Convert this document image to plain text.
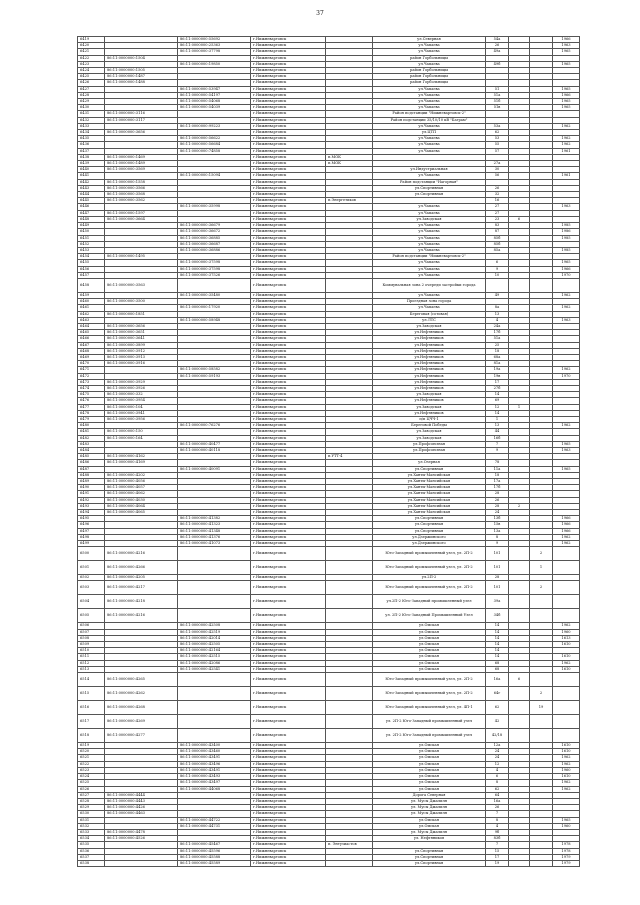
37
6419		86:11:0000000:55692	г.Нижневартовск		ул.Северная	54а			1966
6420		86:11:0000000:25363	г.Нижневартовск		ул.Чапаева	26			1963
6421		86:11:0000000:37798	г.Нижневартовск		ул.Чапаева	49а			1965
6422	86:11:0000000:1504		г.Нижневартовск		район Горбольницы				
6423		86:11:0000000:19850	г.Нижневартовск		ул.Чапаева	49б			1965
6424	86:11:0000000:1505		г.Нижневартовск		район Горбольницы				
6425	86:11:0000000:1487		г.Нижневартовск		район Горбольницы				
6426	86:11:0000000:1488		г.Нижневартовск		район Горбольницы				
6427		86:11:0000000:53947	г.Нижневартовск		ул.Чапаева	51			1965
6428		86:11:0000000:54197	г.Нижневартовск		ул.Чапаева	51а			1966
6429		86:11:0000000:54068	г.Нижневартовск		ул.Чапаева	51б			1965
6430		86:11:0000000:54039	г.Нижневартовск		ул.Чапаева	51в			1965
6431	86:11:0000000:3116		г.Нижневартовск		Район подстанции "Нижневартовск-2"				
6432	86:11:0000000:3117		г.Нижневартовск		Район подстанции 35/10/10 кВ "Баграм"				
6433		86:11:0000000:99223	г.Нижневартовск		ул.Чапаева	53а			1962
6434	86:11:0000000:3656		г.Нижневартовск		ул.ЦТП	62			
6435		86:11:0000000:56622	г.Нижневартовск		ул.Чапаева	53			1962
6436		86:11:0000000:56684	г.Нижневартовск		ул.Чапаева	55			1962
6437		86:11:0000000:74858	г.Нижневартовск		ул.Чапаева	57			1961
6438	86:11:0000000:1469		г.Нижневартовск	п.МОК					
6439	86:11:0000000:1489		г.Нижневартовск	п.МОК		27а			
6440	86:11:0000000:3569		г.Нижневартовск		ул.Индустриальная	30			
6441		86:11:0000000:15094	г.Нижневартовск		ул.Чапаева	56			1961
6442	86:11:0000000:1558		г.Нижневартовск		Район подстанции "Нагорная"				
6443	86:11:0000000:3566		г.Нижневартовск		ул.Спортивная	26			
6444	86:11:0000000:3568		г.Нижневартовск		ул.Спортивная	32			
6445	86:11:0000000:3562		г.Нижневартовск	п.Энергетиков		16			
6446		86:11:0000000:35998	г.Нижневартовск		ул.Чапаева	27			1963
6447	86:11:0000000:1597		г.Нижневартовск		ул.Чапаева	27			
6448	86:11:0000000:3664		г.Нижневартовск		ул.Заводская	23	6		
6449		86:11:0000000:36679	г.Нижневартовск		ул.Чапаева	83			1985
6450		86:11:0000000:36672	г.Нижневартовск		ул.Чапаева	87			1986
6451		86:11:0000000:36885	г.Нижневартовск		ул.Чапаева	85б			1985
6452		86:11:0000000:36687	г.Нижневартовск		ул.Чапаева	85б			
6453		86:11:0000000:36886	г.Нижневартовск		ул.Чапаева	85а			1985
6454	86:11:0000000:1495		г.Нижневартовск		Район подстанции "Нижневартовск-2"				
6455		86:11:0000000:37598	г.Нижневартовск		ул.Чапаева	6			1965
6456		86:11:0000000:37598	г.Нижневартовск		ул.Чапаева	9			1966
6457		86:11:0000000:37526	г.Нижневартовск		ул.Чапаева	10			1970
6458	86:11:0000000:3563		г.Нижневартовск		Коммунальная зона 2 очереди застройки города				
6459		86:11:0000000:35480	г.Нижневартовск		ул.Чапаева	49			1962
6460	86:11:0000000:3500		г.Нижневартовск		Проездная зона города				
6461		86:11:0000000:17920	г.Нижневартовск		ул.Чапаева	8а			1962
6462	86:11:0000000:1851		г.Нижневартовск		Береговая (сотовая)	13			
6463		86:11:0000000:58948	г.Нижневартовск		ул.ЛТС	4			1963
6464	86:11:0000000:3656		г.Нижневартовск		ул.Заводская	24а			
6465	86:11:0000000:3651		г.Нижневартовск		ул.Нефтяников	17б			
6466	86:11:0000000:3641		г.Нижневартовск		ул.Нефтяников	51а			
6467	86:11:0000000:3899		г.Нижневартовск		ул.Нефтяников	25			
6468	86:11:0000000:3912		г.Нижневартовск		ул.Нефтяников	18			
6469	86:11:0000000:3913		г.Нижневартовск		ул.Нефтяников	68а			
6470	86:11:0000000:3916		г.Нижневартовск		ул.Нефтяников	81а			
6471		86:11:0000000:58582	г.Нижневартовск		ул.Нефтяников	19а			1962
6472		86:11:0000000:59193	г.Нижневартовск		ул.Нефтяников	19в			1970
6473	86:11:0000000:3929		г.Нижневартовск		ул.Нефтяников	17			
6474	86:11:0000000:3926		г.Нижневартовск		ул.Нефтяников	27б			
6475	86:11:0000000:332		г.Нижневартовск		ул.Заводская	14			
6476	86:11:0000000:3954		г.Нижневартовск		ул.Нефтяников	69			
6477	86:11:0000000:104		г.Нижневартовск		ул.Заводская	12	1		
6478	86:11:0000000:3941		г.Нижневартовск		ул.Нефтяников	14			
6479	86:11:0000000:3956		г.Нижневартовск		п/п ЦЧЧ-1	1			
6480		86:11:0000000:76276	г.Нижневартовск		Береговой Победы	13			1962
6481	86:11:0000000:150		г.Нижневартовск		ул.Заводская	44			
6482	86:11:0000000:164		г.Нижневартовск		ул.Заводская	16б			
6483		86:11:0000000:40477	г.Нижневартовск		ул.Профсоюзная	7			1965
6484		86:11:0000000:40118	г.Нижневартовск		ул.Профсоюзная	9			1963
6485	86:11:0000000:4162		г.Нижневартовск	п.УТТ-4					
6486	86:11:0000000:4169		г.Нижневартовск		ул.Озерная	78			
6487		86:11:0000000:40091	г.Нижневартовск		ул.Спортивная	11а			1965
6488	86:11:0000000:4202		г.Нижневартовск		ул.Ханты-Мансийская	18			
6489	86:11:0000000:4056		г.Нижневартовск		ул.Ханты-Мансийская	17а			
6490	86:11:0000000:4057		г.Нижневартовск		ул.Ханты-Мансийская	17б			
6491	86:11:0000000:4062		г.Нижневартовск		ул.Ханты-Мансийская	28			
6492	86:11:0000000:4030		г.Нижневартовск		ул.Ханты-Мансийская	26			
6493	86:11:0000000:4064		г.Нижневартовск		ул.Ханты-Мансийская	28	2		
6494	86:11:0000000:4065		г.Нижневартовск		ул.Ханты-Мансийская	24			
6495		86:11:0000000:41382	г.Нижневартовск		ул.Спортивная	13б			1966
6496		86:11:0000000:41323	г.Нижневартовск		ул.Спортивная	15в			1966
6497		86:11:0000000:41348	г.Нижневартовск		ул.Спортивная	13а			1966
6498		86:11:0000000:41376	г.Нижневартовск		ул.Дзержинского	8			1962
6499		86:11:0000000:41073	г.Нижневартовск		ул.Дзержинского	9			1962
6500	86:11:0000000:4216		г.Нижневартовск		Юго-Западный промышленный узел, ул. 2П-2	101		2	
6501	86:11:0000000:4266		г.Нижневартовск		Юго-Западный промышленный узел, ул. 2П-2	101		1	
6502	86:11:0000000:4205		г.Нижневартовск		ул.2П-2	28			
6503	86:11:0000000:4217		г.Нижневартовск		Юго-Западный промышленный узел, ул. 2П-2	101		2	
6504	86:11:0000000:4218		г.Нижневартовск		ул.2П-2 Юго-Западный промышленный узел	39а			
6505	86:11:0000000:4216		г.Нижневартовск		ул. 2П-2 Юго-Западный Промышленный Узел	34б			
6506		86:11:0000000:42508	г.Нижневартовск		ул.Омская	14			1962
6507		86:11:0000000:42519	г.Нижневартовск		ул.Омская	14			1960
6508		86:11:0000000:42014	г.Нижневартовск		ул.Омская	14			1613
6509		86:11:0000000:42505	г.Нижневартовск		ул.Омская	14			1610
6510		86:11:0000000:42164	г.Нижневартовск		ул.Омская	14			
6511		86:11:0000000:42515	г.Нижневартовск		ул.Омская	14			1610
6512		86:11:0000000:42086	г.Нижневартовск		ул.Омская	68			1962
6513		86:11:0000000:42541	г.Нижневартовск		ул.Омская	68			1610
6514	86:11:0000000:4265		г.Нижневартовск		Юго-Западный промышленный узел, ул. 2П-2	16а	6		
6515	86:11:0000000:4262		г.Нижневартовск		Юго-Западный промышленный узел, ул. 2П-2	64г		2	
6516	86:11:0000000:4268		г.Нижневартовск		Юго-Западный промышленный узел, ул. 4П-1	62		19	
6517	86:11:0000000:4269		г.Нижневартовск		ул. 2П-2 Юго-Западный промышленный узел	42			
6518	86:11:0000000:4277		г.Нижневартовск		ул. 2П-2 Юго-Западный промышленный узел	42/18			
6519		86:11:0000000:43400	г.Нижневартовск		ул.Омская	12а			1610
6520		86:11:0000000:43460	г.Нижневартовск		ул.Омская	24			1610
6521		86:11:0000000:43491	г.Нижневартовск		ул.Омская	24			1962
6522		86:11:0000000:43496	г.Нижневартовск		ул.Омская	12			1962
6523		86:11:0000000:43491	г.Нижневартовск		ул.Омская	4			1960
6524		86:11:0000000:43493	г.Нижневартовск		ул.Омская	6			1610
6525		86:11:0000000:43497	г.Нижневартовск		ул.Омская	8			1962
6526		86:11:0000000:44068	г.Нижневартовск		ул.Омская	62			1962
6527	86:11:0000000:4444		г.Нижневартовск		Дорога Северная	64			
6528	86:11:0000000:4443		г.Нижневартовск		ул. Мусы Джалиля	16а			
6529	86:11:0000000:4426		г.Нижневартовск		ул. Мусы Джалиля	26			
6530	86:11:0000000:4463		г.Нижневартовск		ул. Мусы Джалиля	7			
6531		86:11:0000000:44722	г.Нижневартовск		ул.Омская	8			1965
6532		86:11:0000000:44731	г.Нижневартовск		ул.Омская	4			1960
6533	86:11:0000000:4478		г.Нижневартовск		ул. Мусы Джалиля	9б			
6534	86:11:0000000:4526		г.Нижневартовск		ул. Нефтяников	83б			
6535		86:11:0000000:45467	г.Нижневартовск	п. Энтузиастов		7			1978
6536		86:11:0000000:45596	г.Нижневартовск		ул.Спортивная	15			1978
6537		86:11:0000000:45588	г.Нижневартовск		ул.Спортивная	17			1979
6538		86:11:0000000:45589	г.Нижневартовск		ул.Спортивная	19			1979
